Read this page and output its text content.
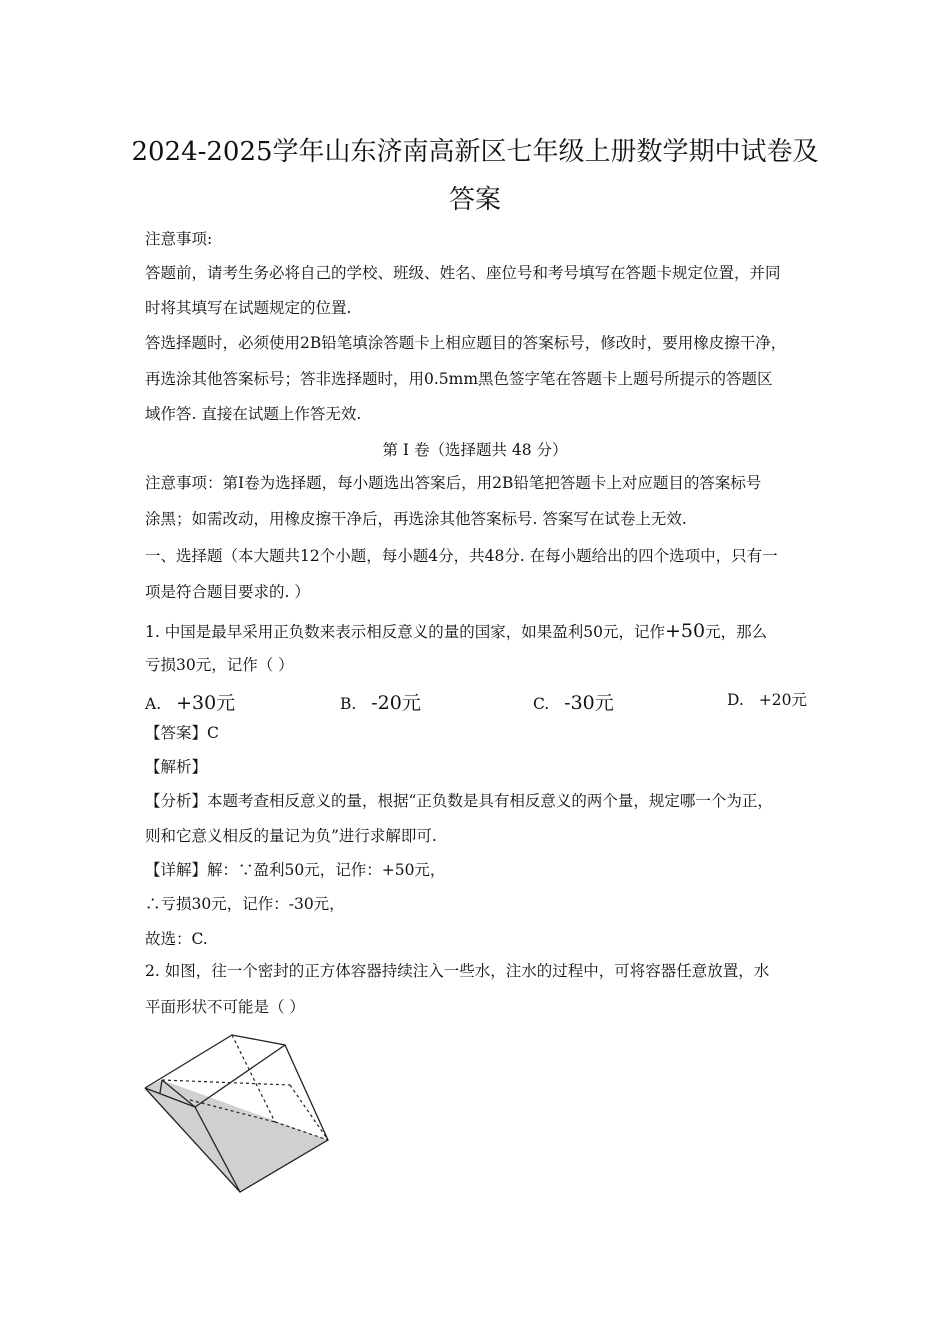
2024-2025学年山东济南高新区七年级上册数学期中试卷及
答案
注意事项:
答题前，请考生务必将自己的学校、班级、姓名、座位号和考号填写在答题卡规定位置，并同
时将其填写在试题规定的位置.
答选择题时，必须使用2B铅笔填涂答题卡上相应题目的答案标号，修改时，要用橡皮擦干净，
再选涂其他答案标号；答非选择题时，用0.5mm黑色签字笔在答题卡上题号所提示的答题区
域作答. 直接在试题上作答无效.
第 I 卷（选择题共 48 分）
注意事项：第Ⅰ卷为选择题，每小题选出答案后，用2B铅笔把答题卡上对应题目的答案标号
涂黑；如需改动，用橡皮擦干净后，再选涂其他答案标号. 答案写在试卷上无效.
一、选择题（本大题共12个小题，每小题4分，共48分. 在每小题给出的四个选项中，只有一
项是符合题目要求的. ）
1. 中国是最早采用正负数来表示相反意义的量的国家，如果盈利50元，记作+50元，那么
亏损30元，记作（ ）
A. +30元	B. -20元	C. -30元	D. +20元
【答案】C
【解析】
【分析】本题考查相反意义的量，根据“正负数是具有相反意义的两个量，规定哪一个为正，
则和它意义相反的量记为负”进行求解即可.
【详解】解：∵盈利50元，记作：+50元，
∴亏损30元，记作：-30元，
故选：C.
2. 如图，往一个密封的正方体容器持续注入一些水，注水的过程中，可将容器任意放置，水
平面形状不可能是（ ）
